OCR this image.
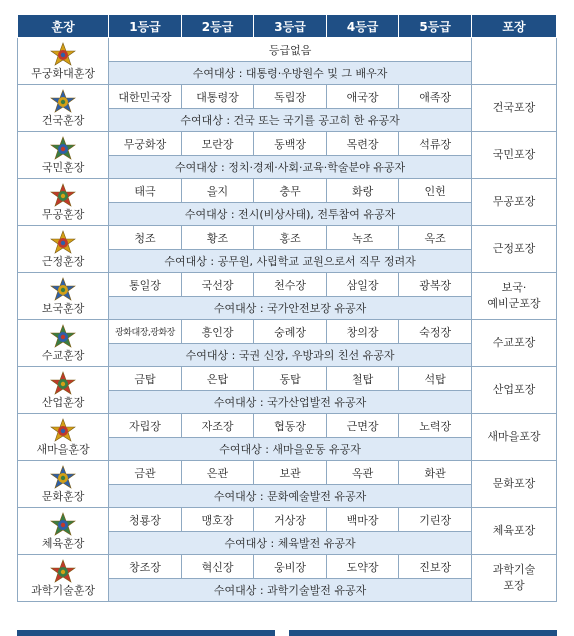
훈장	1등급	2등급	3등급	4등급	5등급	포장

무궁화대훈장	등급없음					
	수여대상 : 대통령·우방원수 및 그 배우자					

건국훈장	대한민국장	대통령장	독립장	애국장	애족장	건국포장

	수여대상 : 건국 또는 국기를 공고히 한 유공자					

국민훈장	무궁화장	모란장	동백장	목련장	석류장	국민포장

	수여대상 : 정치·경제·사회·교육·학술분야 유공자					

무공훈장	태극	을지	충무	화랑	인헌	무공포장

	수여대상 : 전시(비상사태), 전투참여 유공자					

근정훈장	청조	황조	홍조	녹조	옥조	근정포장

	수여대상 : 공무원, 사립학교 교원으로서 직무 정려자					

보국훈장	통일장	국선장	천수장	삼일장	광복장	보국·
예비군포장

	수여대상 : 국가안전보장 유공자					

수교훈장	광화대장,광화장	흥인장	숭례장	창의장	숙정장	수교포장

	수여대상 : 국권 신장, 우방과의 친선 유공자					

산업훈장	금탑	은탑	동탑	철탑	석탑	산업포장

	수여대상 : 국가산업발전 유공자					

새마을훈장	자립장	자조장	협동장	근면장	노력장	새마을포장

	수여대상 : 새마을운동 유공자					

문화훈장	금관	은관	보관	옥관	화관	문화포장

	수여대상 : 문화예술발전 유공자					

체육훈장	청룡장	맹호장	거상장	백마장	기린장	체육포장

	수여대상 : 체육발전 유공자					

과학기술훈장	창조장	혁신장	웅비장	도약장	진보장	과학기술
포장

	수여대상 : 과학기술발전 유공자					
